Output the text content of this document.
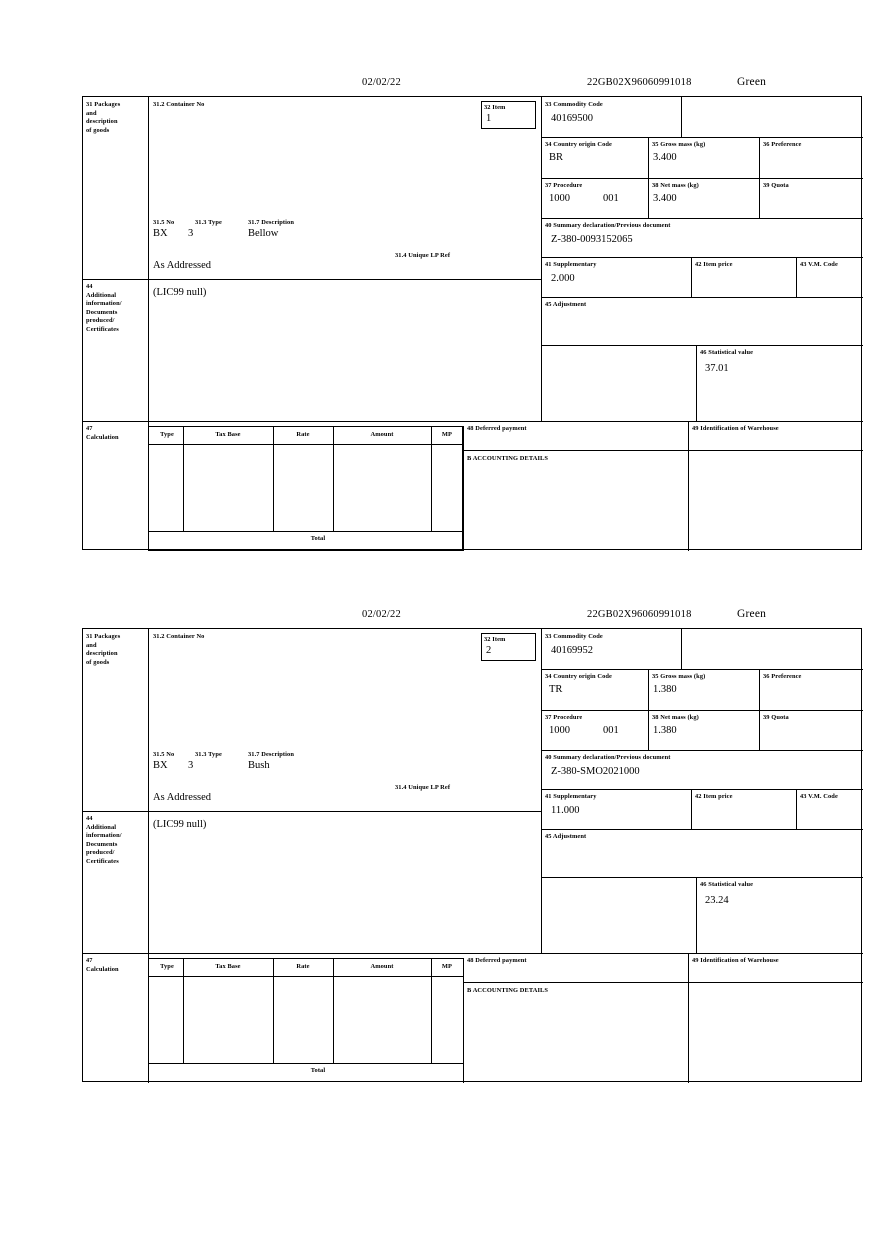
02/02/22	22GB02X96060991018	Green
31 Packages
and
description
of goods
31.2 Container No	32 Item
1
31.5 No	31.3 Type	31.7 Description
BX 3	Bellow
31.4 Unique LP Ref
As Addressed
44
Additional
information/
Documents
produced/
Certificates
(LIC99 null)
33 Commodity Code
40169500
34 Country origin Code
BR
35 Gross mass (kg)
3.400
36 Preference
37 Procedure
1000	001
38 Net mass (kg)
3.400
39 Quota
40 Summary declaration/Previous document
Z-380-0093152065
41 Supplementary
2.000
42 Item price	43 V.M. Code
45 Adjustment
46 Statistical value
37.01
47
Calculation	Type	Tax Base	Rate	Amount	MP
Total
48 Deferred payment	49 Identification of Warehouse
B ACCOUNTING DETAILS
02/02/22	22GB02X96060991018	Green
31 Packages
and
description
of goods
31.2 Container No	32 Item
2
31.5 No	31.3 Type	31.7 Description
BX 3	Bush
31.4 Unique LP Ref
As Addressed
44
Additional
information/
Documents
produced/
Certificates
(LIC99 null)
33 Commodity Code
40169952
34 Country origin Code
TR
35 Gross mass (kg)
1.380
36 Preference
37 Procedure
1000	001
38 Net mass (kg)
1.380
39 Quota
40 Summary declaration/Previous document
Z-380-SMO2021000
41 Supplementary
11.000
42 Item price	43 V.M. Code
45 Adjustment
46 Statistical value
23.24
47
Calculation	Type	Tax Base	Rate	Amount	MP
Total
48 Deferred payment	49 Identification of Warehouse
B ACCOUNTING DETAILS
